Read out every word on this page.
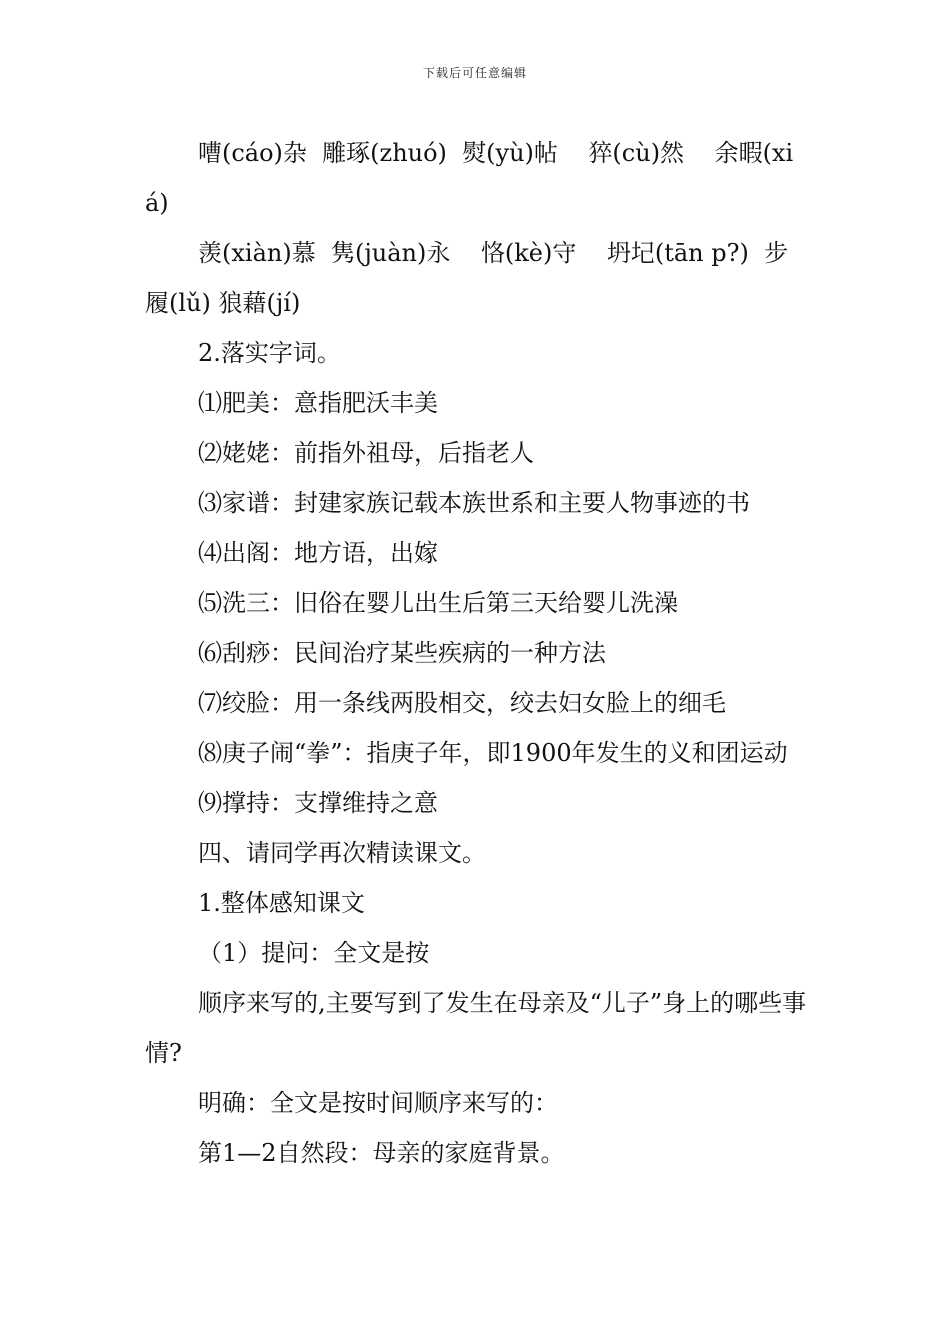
下载后可任意编辑

嘈(cáo)杂  雕琢(zhuó)  熨(yù)帖    猝(cù)然    余暇(xiá)

羡(xiàn)慕  隽(juàn)永    恪(kè)守    坍圮(tān p?)  步履(lǔ) 狼藉(jí)

2.落实字词。

⑴肥美：意指肥沃丰美

⑵姥姥：前指外祖母，后指老人

⑶家谱：封建家族记载本族世系和主要人物事迹的书

⑷出阁：地方语，出嫁

⑸洗三：旧俗在婴儿出生后第三天给婴儿洗澡

⑹刮痧：民间治疗某些疾病的一种方法

⑺绞脸：用一条线两股相交，绞去妇女脸上的细毛

⑻庚子闹“拳”：指庚子年，即1900年发生的义和团运动

⑼撑持：支撑维持之意

四、请同学再次精读课文。

1.整体感知课文

（1）提问：全文是按

顺序来写的,主要写到了发生在母亲及“儿子”身上的哪些事情?

明确：全文是按时间顺序来写的：

第1—2自然段：母亲的家庭背景。
